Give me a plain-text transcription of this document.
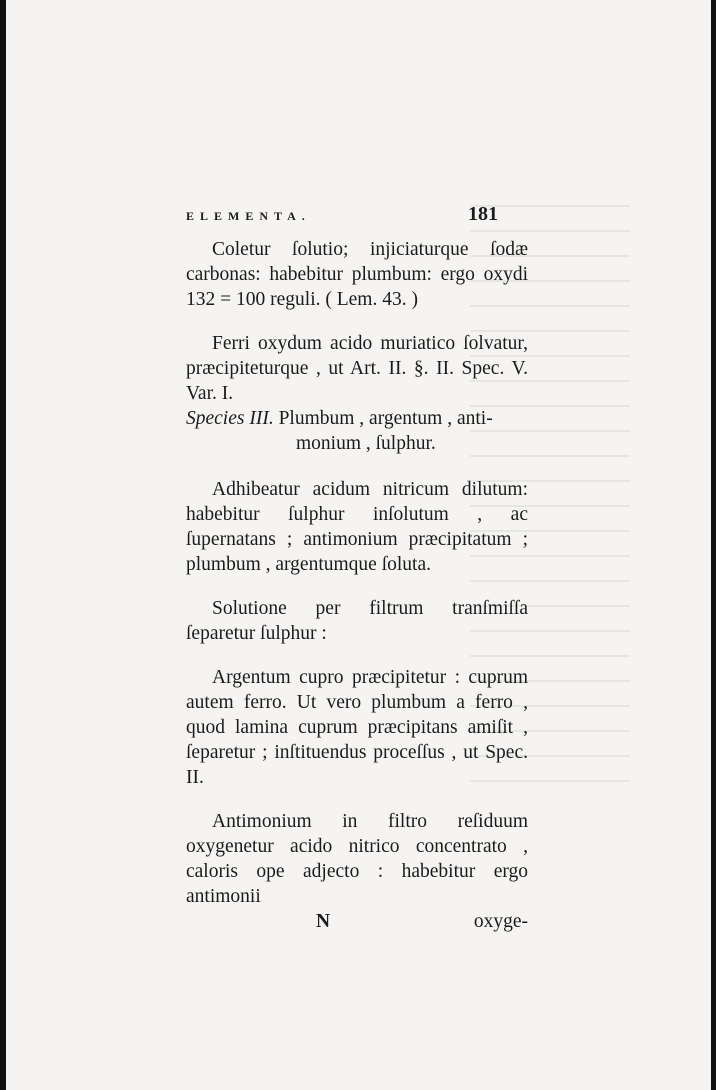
ELEMENTA.	181

Coletur ſolutio; injiciaturque ſodæ carbonas: habebitur plumbum: ergo oxydi 132 = 100 reguli. ( Lem. 43. )

Ferri oxydum acido muriatico ſolvatur, præcipiteturque , ut Art. II. §. II. Spec. V. Var. I.

Species III. Plumbum , argentum , anti-

monium , ſulphur.

Adhibeatur acidum nitricum dilutum: habebitur ſulphur inſolutum , ac ſupernatans ; antimonium præcipitatum ; plumbum , argentumque ſoluta.

Solutione per filtrum tranſmiſſa ſeparetur ſulphur :

Argentum cupro præcipitetur : cuprum autem ferro. Ut vero plumbum a ferro , quod lamina cuprum præcipitans amiſit , ſeparetur ; inſtituendus proceſſus , ut Spec. II.

Antimonium in filtro reſiduum oxygenetur acido nitrico concentrato , caloris ope adjecto : habebitur ergo antimonii

N	oxyge-
